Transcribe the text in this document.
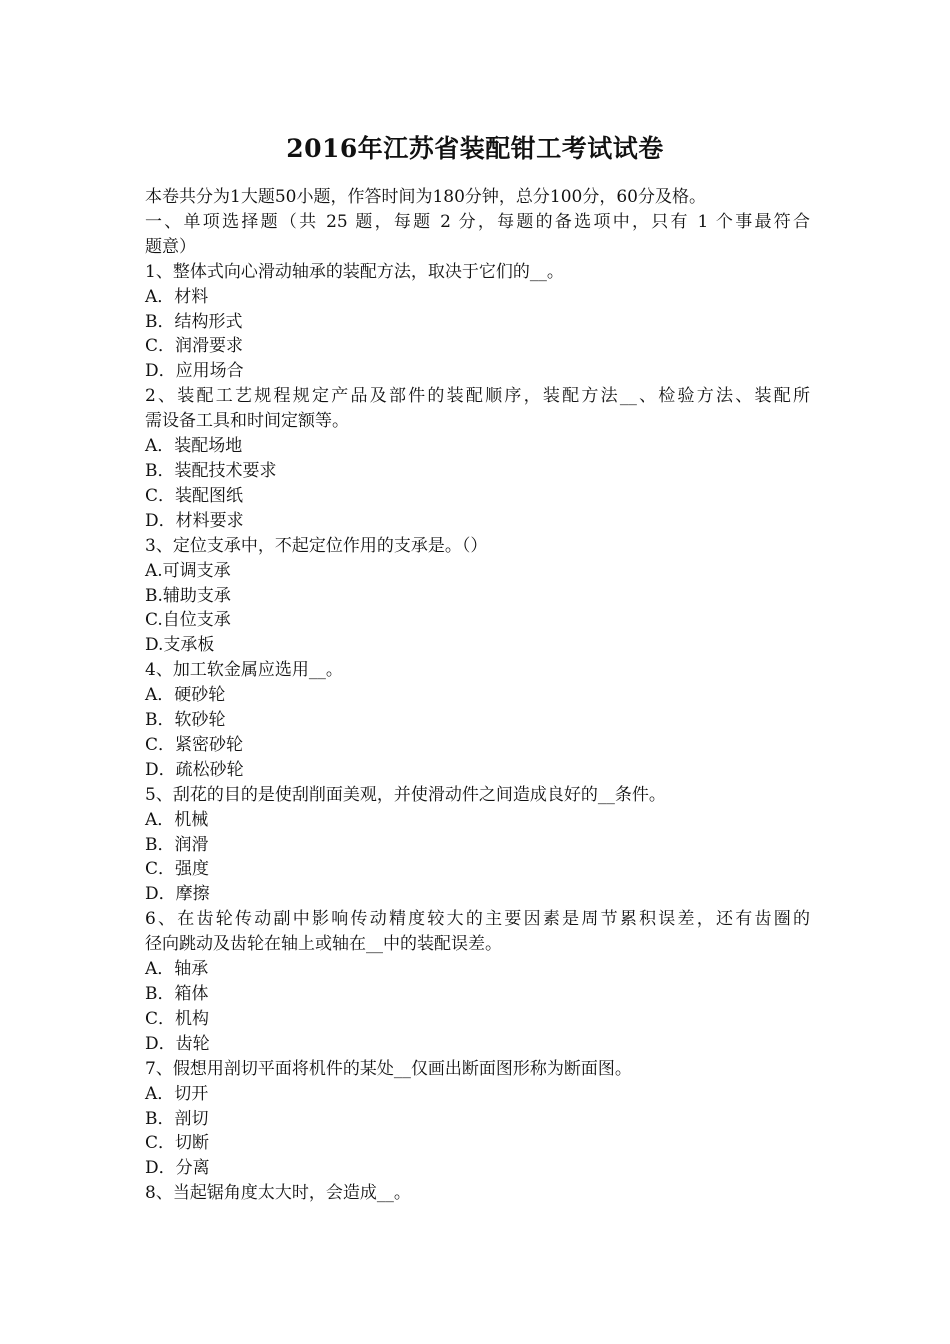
2016年江苏省装配钳工考试试卷
本卷共分为1大题50小题，作答时间为180分钟，总分100分，60分及格。
一、单项选择题（共 25 题，每题 2 分，每题的备选项中，只有 1 个事最符合
题意）
1、整体式向心滑动轴承的装配方法，取决于它们的__。
A．材料
B．结构形式
C．润滑要求
D．应用场合
2、装配工艺规程规定产品及部件的装配顺序，装配方法__、检验方法、装配所
需设备工具和时间定额等。
A．装配场地
B．装配技术要求
C．装配图纸
D．材料要求
3、定位支承中，不起定位作用的支承是。（）
A.可调支承
B.辅助支承
C.自位支承
D.支承板
4、加工软金属应选用__。
A．硬砂轮
B．软砂轮
C．紧密砂轮
D．疏松砂轮
5、刮花的目的是使刮削面美观，并使滑动件之间造成良好的__条件。
A．机械
B．润滑
C．强度
D．摩擦
6、在齿轮传动副中影响传动精度较大的主要因素是周节累积误差，还有齿圈的
径向跳动及齿轮在轴上或轴在__中的装配误差。
A．轴承
B．箱体
C．机构
D．齿轮
7、假想用剖切平面将机件的某处__仅画出断面图形称为断面图。
A．切开
B．剖切
C．切断
D．分离
8、当起锯角度太大时，会造成__。
